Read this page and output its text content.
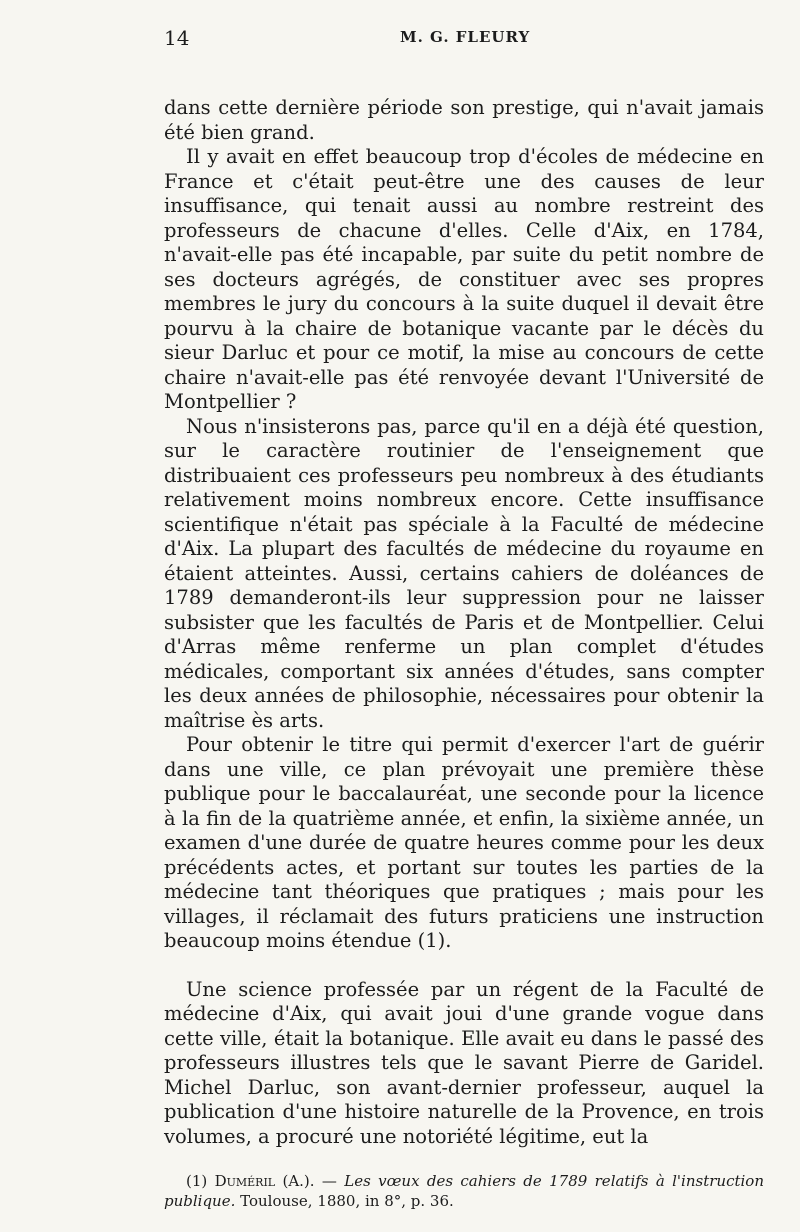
14	M. G. FLEURY

dans cette dernière période son prestige, qui n'avait jamais été bien grand.

Il y avait en effet beaucoup trop d'écoles de médecine en France et c'était peut-être une des causes de leur insuffisance, qui tenait aussi au nombre restreint des professeurs de chacune d'elles. Celle d'Aix, en 1784, n'avait-elle pas été incapable, par suite du petit nombre de ses docteurs agrégés, de constituer avec ses propres membres le jury du concours à la suite duquel il devait être pourvu à la chaire de botanique vacante par le décès du sieur Darluc et pour ce motif, la mise au concours de cette chaire n'avait-elle pas été renvoyée devant l'Université de Montpellier ?

Nous n'insisterons pas, parce qu'il en a déjà été question, sur le caractère routinier de l'enseignement que distribuaient ces professeurs peu nombreux à des étudiants relativement moins nombreux encore. Cette insuffisance scientifique n'était pas spéciale à la Faculté de médecine d'Aix. La plupart des facultés de médecine du royaume en étaient atteintes. Aussi, certains cahiers de doléances de 1789 demanderont-ils leur suppression pour ne laisser subsister que les facultés de Paris et de Montpellier. Celui d'Arras même renferme un plan complet d'études médicales, comportant six années d'études, sans compter les deux années de philosophie, nécessaires pour obtenir la maîtrise ès arts.

Pour obtenir le titre qui permit d'exercer l'art de guérir dans une ville, ce plan prévoyait une première thèse publique pour le baccalauréat, une seconde pour la licence à la fin de la quatrième année, et enfin, la sixième année, un examen d'une durée de quatre heures comme pour les deux précédents actes, et portant sur toutes les parties de la médecine tant théoriques que pratiques ; mais pour les villages, il réclamait des futurs praticiens une instruction beaucoup moins étendue (1).

Une science professée par un régent de la Faculté de médecine d'Aix, qui avait joui d'une grande vogue dans cette ville, était la botanique. Elle avait eu dans le passé des professeurs illustres tels que le savant Pierre de Garidel. Michel Darluc, son avant-dernier professeur, auquel la publication d'une histoire naturelle de la Provence, en trois volumes, a procuré une notoriété légitime, eut la

(1) Duméril (A.). — Les vœux des cahiers de 1789 relatifs à l'instruction publique. Toulouse, 1880, in 8°, p. 36.
